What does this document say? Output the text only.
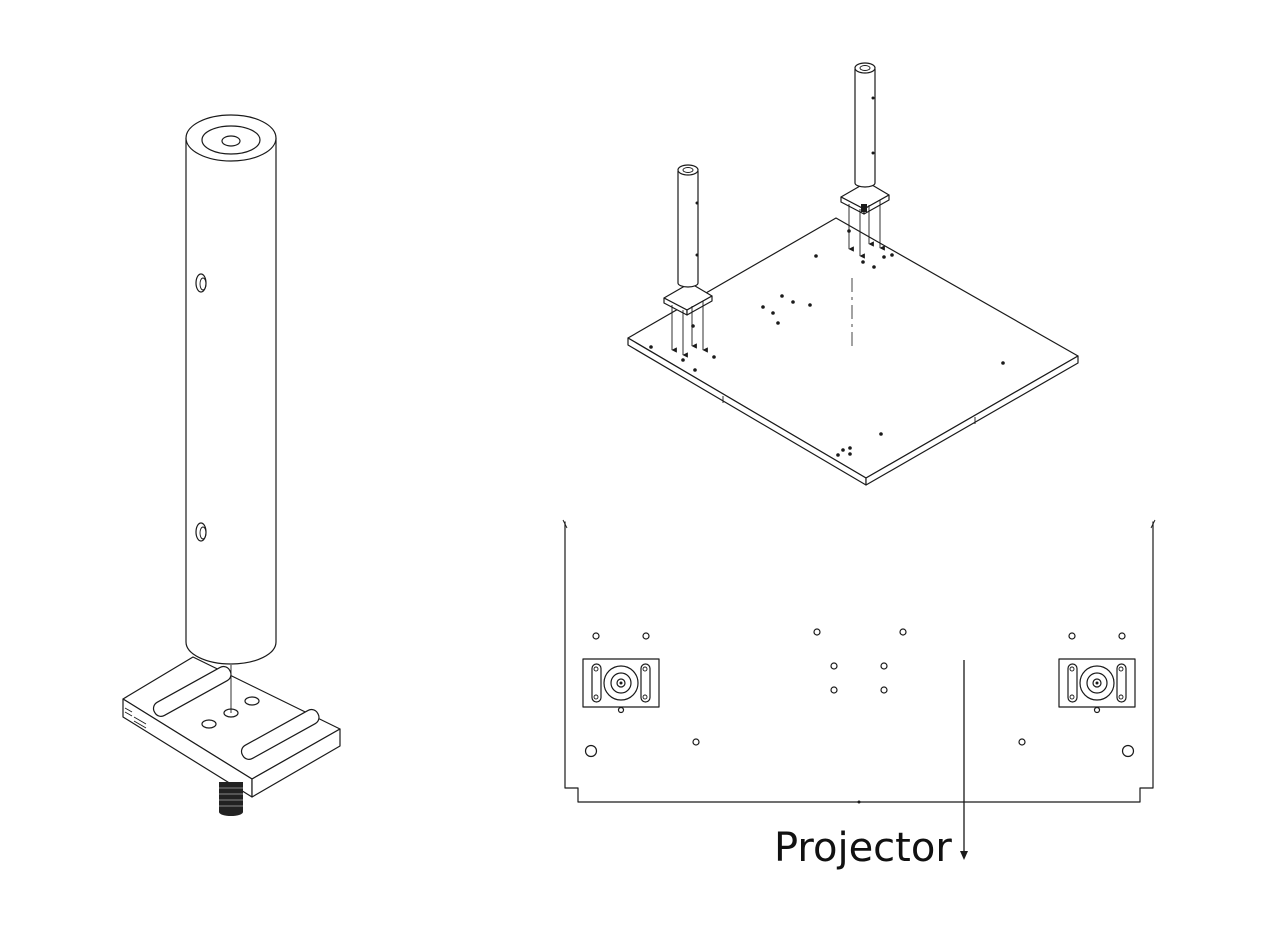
Projector
